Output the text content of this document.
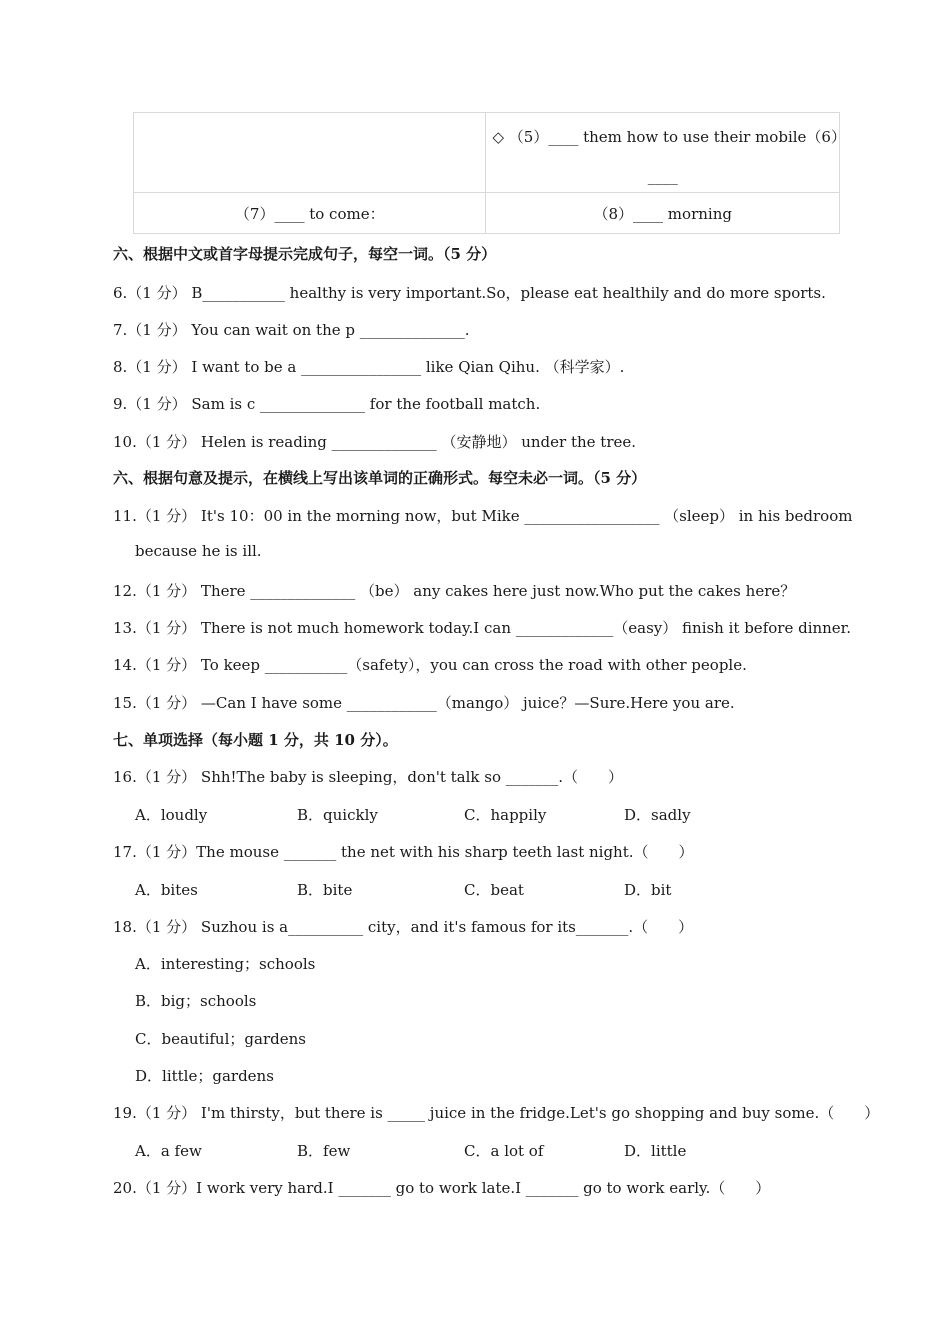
	◇ （5）____ them how to use their mobile（6）
____

（7）____ to come：	（8）____ morning
六、根据中文或首字母提示完成句子，每空一词。（5 分）
6.（1 分） B___________ healthy is very important.So，please eat healthily and do more sports.
7.（1 分） You can wait on the p ______________.
8.（1 分） I want to be a ________________ like Qian Qihu. （科学家）.
9.（1 分） Sam is c ______________ for the football match.
10.（1 分） Helen is reading ______________ （安静地） under the tree.
六、根据句意及提示，在横线上写出该单词的正确形式。每空未必一词。（5 分）
11.（1 分） It's 10：00 in the morning now，but Mike __________________ （sleep） in his bedroom
because he is ill.
12.（1 分） There ______________ （be） any cakes here just now.Who put the cakes here？
13.（1 分） There is not much homework today.I can _____________（easy） finish it before dinner.
14.（1 分） To keep ___________（safety），you can cross the road with other people.
15.（1 分） —Can I have some ____________（mango） juice？—Sure.Here you are.
七、单项选择（每小题 1 分，共 10 分）。
16.（1 分） Shh!The baby is sleeping，don't talk so _______.（　　）
A．loudly	B．quickly	C．happily	D．sadly
17.（1 分）The mouse _______ the net with his sharp teeth last night.（　　）
A．bites	B．bite	C．beat	D．bit
18.（1 分） Suzhou is a__________ city，and it's famous for its_______.（　　）
A．interesting；schools
B．big；schools
C．beautiful；gardens
D．little；gardens
19.（1 分） I'm thirsty，but there is _____ juice in the fridge.Let's go shopping and buy some.（　　）
A．a few	B．few	C．a lot of	D．little
20.（1 分）I work very hard.I _______ go to work late.I _______ go to work early.（　　）
